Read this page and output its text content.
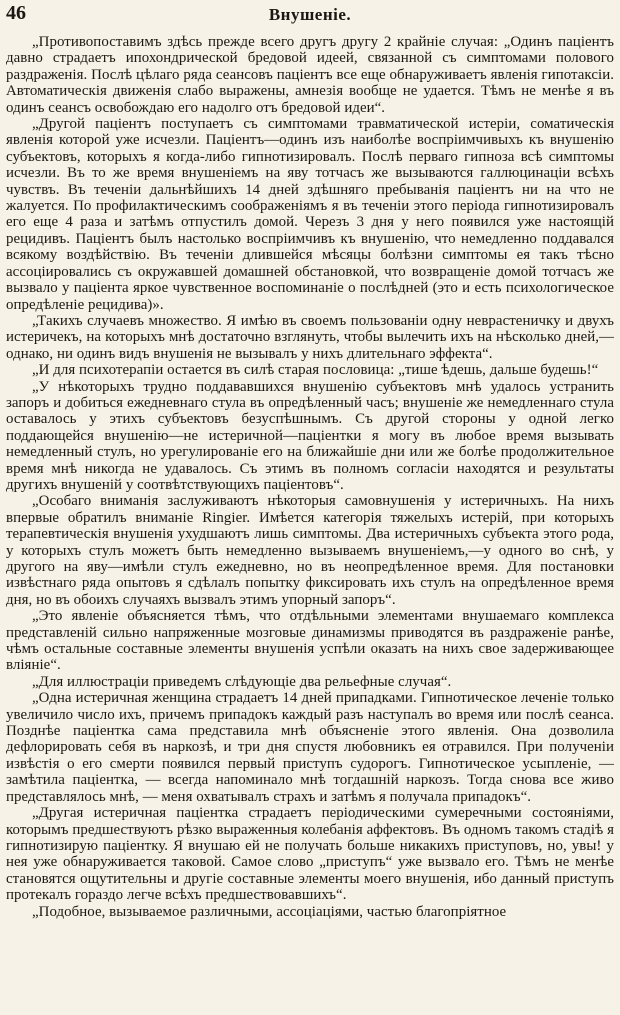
46	Внушеніе.

„Противопоставимъ здѣсь прежде всего другъ другу 2 крайніе случая: „Одинъ паціентъ давно страдаетъ ипохондрической бредовой идеей, связанной съ симптомами полового раздраженія. Послѣ цѣлаго ряда сеансовъ паціентъ все еще обнаруживаетъ явленія гипотаксіи. Автоматическія движенія слабо выражены, амнезія вообще не удается. Тѣмъ не менѣе я въ одинъ сеансъ освобождаю его надолго отъ бредовой идеи“.

„Другой паціентъ поступаетъ съ симптомами травматической истеріи, соматическія явленія которой уже исчезли. Паціентъ—одинъ изъ наиболѣе воспріимчивыхъ къ внушенію субъектовъ, которыхъ я когда-либо гипнотизировалъ. Послѣ перваго гипноза всѣ симптомы исчезли. Въ то же время внушеніемъ на яву тотчасъ же вызываются галлюцинаціи всѣхъ чувствъ. Въ теченіи дальнѣйшихъ 14 дней здѣшняго пребыванія паціентъ ни на что не жалуется. По профилактическимъ соображеніямъ я въ теченіи этого періода гипнотизировалъ его еще 4 раза и затѣмъ отпустилъ домой. Черезъ 3 дня у него появился уже настоящій рецидивъ. Паціентъ былъ настолько воспріимчивъ къ внушенію, что немедленно поддавался всякому воздѣйствію. Въ теченіи длившейся мѣсяцы болѣзни симптомы ея такъ тѣсно ассоціировались съ окружавшей домашней обстановкой, что возвращеніе домой тотчасъ же вызвало у паціента яркое чувственное воспоминаніе о послѣдней (это и есть психологическое опредѣленіе рецидива)».

„Такихъ случаевъ множество. Я имѣю въ своемъ пользованіи одну неврастеничку и двухъ истеричекъ, на которыхъ мнѣ достаточно взглянуть, чтобы вылечить ихъ на нѣсколько дней,—однако, ни одинъ видъ внушенія не вызывалъ у нихъ длительнаго эффекта“.

„И для психотерапіи остается въ силѣ старая пословица: „тише ѣдешь, дальше будешь!“

„У нѣкоторыхъ трудно поддававшихся внушенію субъектовъ мнѣ удалось устранить запоръ и добиться ежедневнаго стула въ опредѣленный часъ; внушеніе же немедленнаго стула оставалось у этихъ субъектовъ безуспѣшнымъ. Съ другой стороны у одной легко поддающейся внушенію—не истеричной—паціентки я могу въ любое время вызывать немедленный стулъ, но урегулированіе его на ближайшіе дни или же болѣе продолжительное время мнѣ никогда не удавалось. Съ этимъ въ полномъ согласіи находятся и результаты другихъ внушеній у соотвѣтствующихъ паціентовъ“.

„Особаго вниманія заслуживаютъ нѣкоторыя самовнушенія у истеричныхъ. На нихъ впервые обратилъ вниманіе Ringier. Имѣется категорія тяжелыхъ истерій, при которыхъ терапевтическія внушенія ухудшаютъ лишь симптомы. Два истеричныхъ субъекта этого рода, у которыхъ стулъ можетъ быть немедленно вызываемъ внушеніемъ,—у одного во снѣ, у другого на яву—имѣли стулъ ежедневно, но въ неопредѣленное время. Для постановки извѣстнаго ряда опытовъ я сдѣлалъ попытку фиксировать ихъ стулъ на опредѣленное время дня, но въ обоихъ случаяхъ вызвалъ этимъ упорный запоръ“.

„Это явленіе объясняется тѣмъ, что отдѣльными элементами внушаемаго комплекса представленій сильно напряженные мозговые динамизмы приводятся въ раздраженіе ранѣе, чѣмъ остальные составные элементы внушенія успѣли оказать на нихъ свое задерживающее вліяніе“.

„Для иллюстраціи приведемъ слѣдующіе два рельефные случая“.

„Одна истеричная женщина страдаетъ 14 дней припадками. Гипнотическое леченіе только увеличило число ихъ, причемъ припадокъ каждый разъ наступалъ во время или послѣ сеанса. Позднѣе паціентка сама представила мнѣ объясненіе этого явленія. Она дозволила дефлорировать себя въ наркозѣ, и три дня спустя любовникъ ея отравился. При полученіи извѣстія о его смерти появился первый приступъ судорогъ. Гипнотическое усыпленіе, — замѣтила паціентка, — всегда напоминало мнѣ тогдашній наркозъ. Тогда снова все живо представлялось мнѣ, — меня охватывалъ страхъ и затѣмъ я получала припадокъ“.

„Другая истеричная паціентка страдаетъ періодическими сумеречными состояніями, которымъ предшествуютъ рѣзко выраженныя колебанія аффектовъ. Въ одномъ такомъ стадіѣ я гипнотизирую паціентку. Я внушаю ей не получать больше никакихъ приступовъ, но, увы! у нея уже обнаруживается таковой. Самое слово „приступъ“ уже вызвало его. Тѣмъ не менѣе становятся ощутительны и другіе составные элементы моего внушенія, ибо данный приступъ протекалъ гораздо легче всѣхъ предшествовавшихъ“.

„Подобное, вызываемое различными, ассоціаціями, частью благопріятное
